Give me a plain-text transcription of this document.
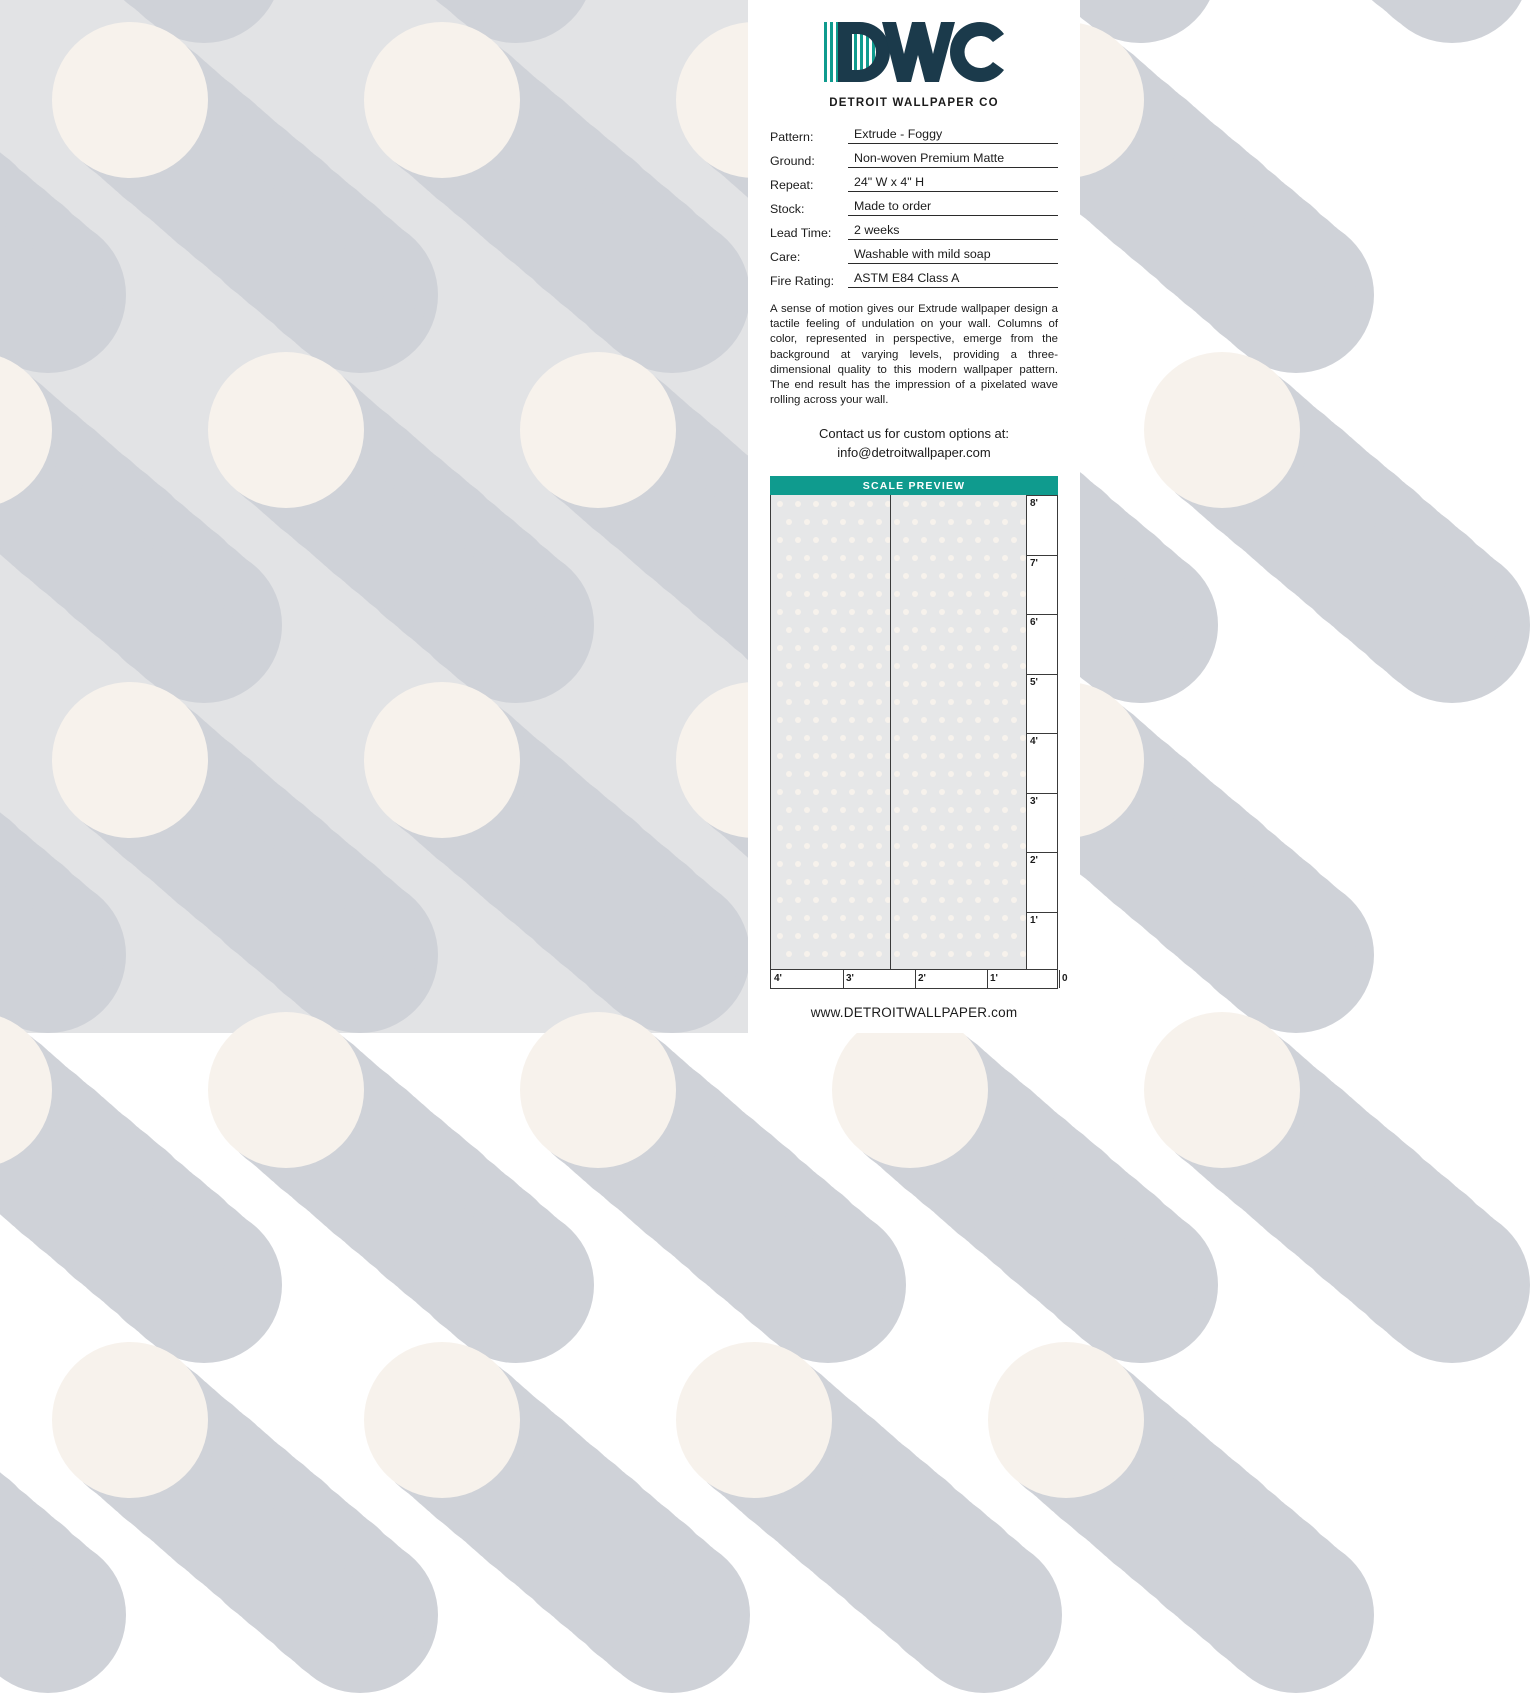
DETROIT WALLPAPER CO
Pattern:	Extrude - Foggy
Ground:	Non-woven Premium Matte
Repeat:	24" W x 4" H
Stock:	Made to order
Lead Time:	2 weeks
Care:	Washable with mild soap
Fire Rating:	ASTM E84 Class A
A sense of motion gives our Extrude wallpaper design a tactile feeling of undulation on your wall. Columns of color, represented in perspective, emerge from the background at varying levels, providing a three-dimensional quality to this modern wallpaper pattern. The end result has the impression of a pixelated wave rolling across your wall.
Contact us for custom options at:
info@detroitwallpaper.com
SCALE PREVIEW
8'
7'
6'
5'
4'
3'
2'
1'
4'	3'	2'	1'	0
www.DETROITWALLPAPER.com
